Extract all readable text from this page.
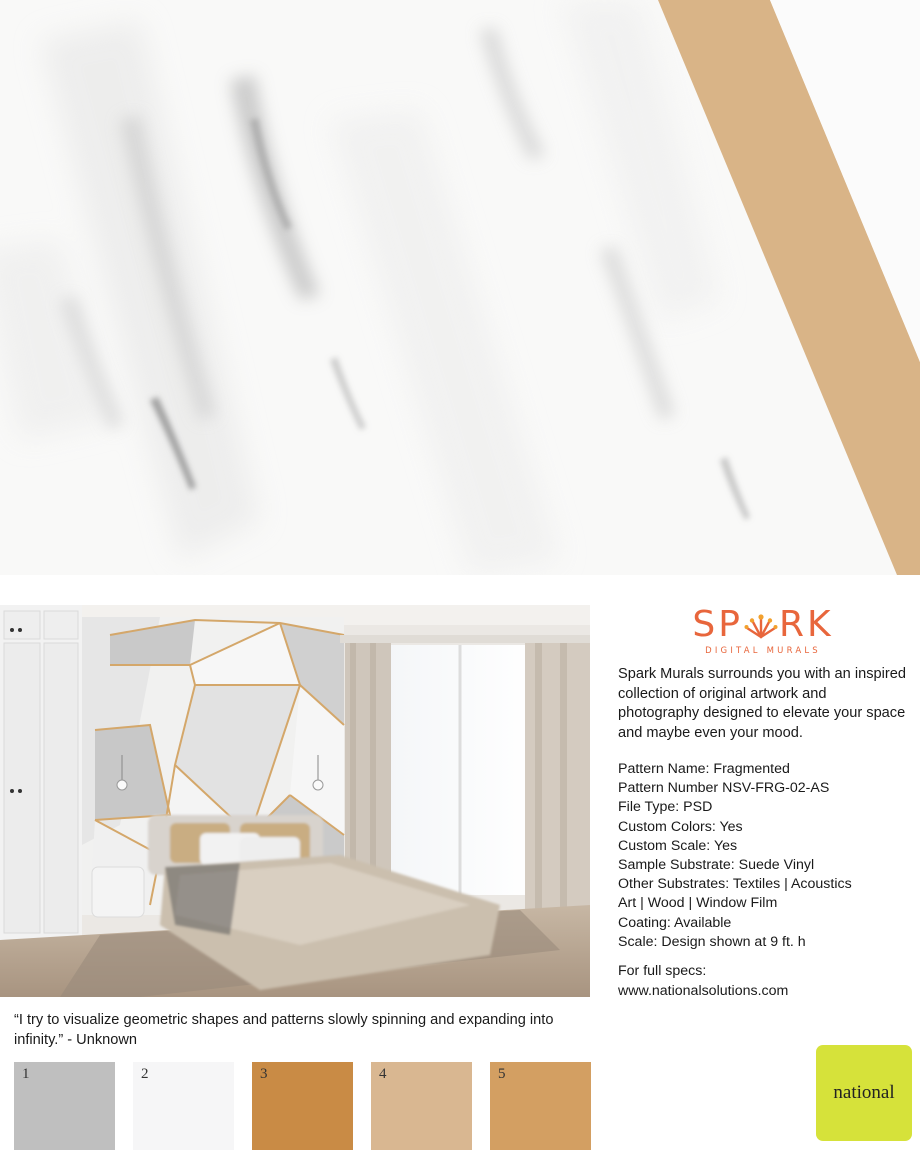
SP RK
DIGITAL MURALS

Spark Murals surrounds you with an inspired collection of original artwork and photography designed to elevate your space and maybe even your mood.

Pattern Name: Fragmented
Pattern Number NSV-FRG-02-AS
File Type: PSD
Custom Colors: Yes
Custom Scale: Yes
Sample Substrate: Suede Vinyl
Other Substrates: Textiles | Acoustics
Art | Wood | Window Film
Coating: Available
Scale: Design shown at 9 ft. h
For full specs:
www.nationalsolutions.com

“I try to visualize geometric shapes and patterns slowly spinning and expanding into infinity.” - Unknown

1	2	3	4	5
national
